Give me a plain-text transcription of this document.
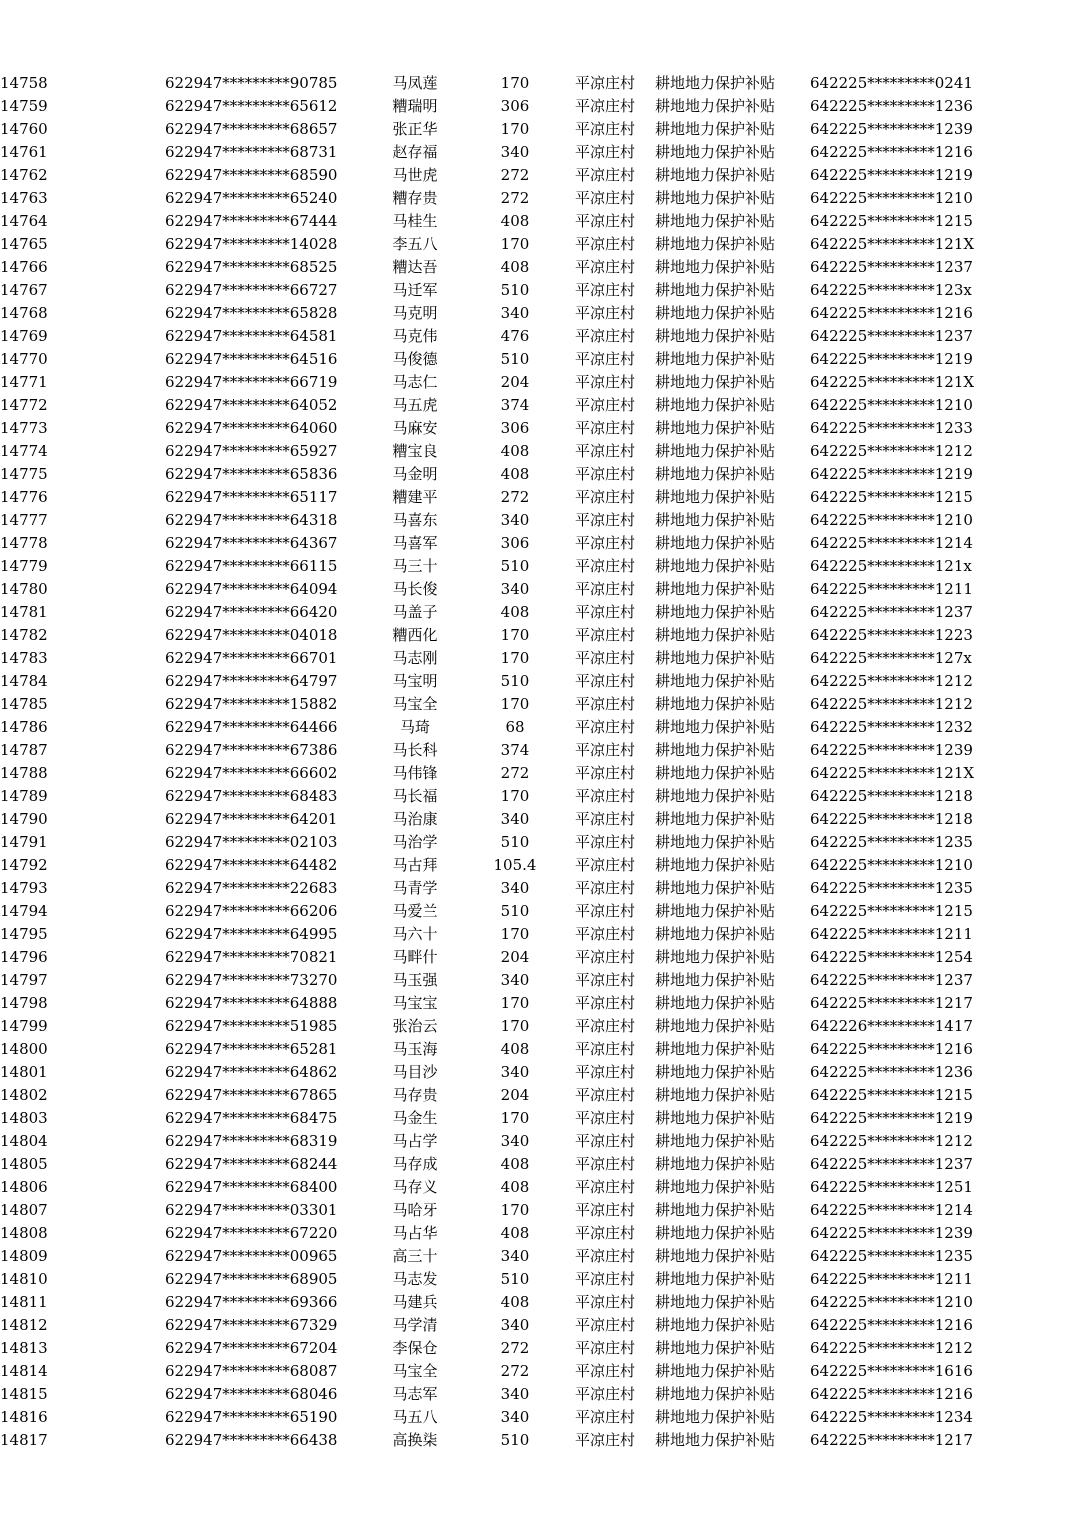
14758	622947*********90785	马凤莲	170	平凉庄村	耕地地力保护补贴	642225*********0241
14759	622947*********65612	糟瑞明	306	平凉庄村	耕地地力保护补贴	642225*********1236
14760	622947*********68657	张正华	170	平凉庄村	耕地地力保护补贴	642225*********1239
14761	622947*********68731	赵存福	340	平凉庄村	耕地地力保护补贴	642225*********1216
14762	622947*********68590	马世虎	272	平凉庄村	耕地地力保护补贴	642225*********1219
14763	622947*********65240	糟存贵	272	平凉庄村	耕地地力保护补贴	642225*********1210
14764	622947*********67444	马桂生	408	平凉庄村	耕地地力保护补贴	642225*********1215
14765	622947*********14028	李五八	170	平凉庄村	耕地地力保护补贴	642225*********121X
14766	622947*********68525	糟达吾	408	平凉庄村	耕地地力保护补贴	642225*********1237
14767	622947*********66727	马迁军	510	平凉庄村	耕地地力保护补贴	642225*********123x
14768	622947*********65828	马克明	340	平凉庄村	耕地地力保护补贴	642225*********1216
14769	622947*********64581	马克伟	476	平凉庄村	耕地地力保护补贴	642225*********1237
14770	622947*********64516	马俊德	510	平凉庄村	耕地地力保护补贴	642225*********1219
14771	622947*********66719	马志仁	204	平凉庄村	耕地地力保护补贴	642225*********121X
14772	622947*********64052	马五虎	374	平凉庄村	耕地地力保护补贴	642225*********1210
14773	622947*********64060	马麻安	306	平凉庄村	耕地地力保护补贴	642225*********1233
14774	622947*********65927	糟宝良	408	平凉庄村	耕地地力保护补贴	642225*********1212
14775	622947*********65836	马金明	408	平凉庄村	耕地地力保护补贴	642225*********1219
14776	622947*********65117	糟建平	272	平凉庄村	耕地地力保护补贴	642225*********1215
14777	622947*********64318	马喜东	340	平凉庄村	耕地地力保护补贴	642225*********1210
14778	622947*********64367	马喜军	306	平凉庄村	耕地地力保护补贴	642225*********1214
14779	622947*********66115	马三十	510	平凉庄村	耕地地力保护补贴	642225*********121x
14780	622947*********64094	马长俊	340	平凉庄村	耕地地力保护补贴	642225*********1211
14781	622947*********66420	马盖子	408	平凉庄村	耕地地力保护补贴	642225*********1237
14782	622947*********04018	糟西化	170	平凉庄村	耕地地力保护补贴	642225*********1223
14783	622947*********66701	马志刚	170	平凉庄村	耕地地力保护补贴	642225*********127x
14784	622947*********64797	马宝明	510	平凉庄村	耕地地力保护补贴	642225*********1212
14785	622947*********15882	马宝全	170	平凉庄村	耕地地力保护补贴	642225*********1212
14786	622947*********64466	马琦	68	平凉庄村	耕地地力保护补贴	642225*********1232
14787	622947*********67386	马长科	374	平凉庄村	耕地地力保护补贴	642225*********1239
14788	622947*********66602	马伟锋	272	平凉庄村	耕地地力保护补贴	642225*********121X
14789	622947*********68483	马长福	170	平凉庄村	耕地地力保护补贴	642225*********1218
14790	622947*********64201	马治康	340	平凉庄村	耕地地力保护补贴	642225*********1218
14791	622947*********02103	马治学	510	平凉庄村	耕地地力保护补贴	642225*********1235
14792	622947*********64482	马古拜	105.4	平凉庄村	耕地地力保护补贴	642225*********1210
14793	622947*********22683	马青学	340	平凉庄村	耕地地力保护补贴	642225*********1235
14794	622947*********66206	马爱兰	510	平凉庄村	耕地地力保护补贴	642225*********1215
14795	622947*********64995	马六十	170	平凉庄村	耕地地力保护补贴	642225*********1211
14796	622947*********70821	马畔什	204	平凉庄村	耕地地力保护补贴	642225*********1254
14797	622947*********73270	马玉强	340	平凉庄村	耕地地力保护补贴	642225*********1237
14798	622947*********64888	马宝宝	170	平凉庄村	耕地地力保护补贴	642225*********1217
14799	622947*********51985	张治云	170	平凉庄村	耕地地力保护补贴	642226*********1417
14800	622947*********65281	马玉海	408	平凉庄村	耕地地力保护补贴	642225*********1216
14801	622947*********64862	马目沙	340	平凉庄村	耕地地力保护补贴	642225*********1236
14802	622947*********67865	马存贵	204	平凉庄村	耕地地力保护补贴	642225*********1215
14803	622947*********68475	马金生	170	平凉庄村	耕地地力保护补贴	642225*********1219
14804	622947*********68319	马占学	340	平凉庄村	耕地地力保护补贴	642225*********1212
14805	622947*********68244	马存成	408	平凉庄村	耕地地力保护补贴	642225*********1237
14806	622947*********68400	马存义	408	平凉庄村	耕地地力保护补贴	642225*********1251
14807	622947*********03301	马哈牙	170	平凉庄村	耕地地力保护补贴	642225*********1214
14808	622947*********67220	马占华	408	平凉庄村	耕地地力保护补贴	642225*********1239
14809	622947*********00965	高三十	340	平凉庄村	耕地地力保护补贴	642225*********1235
14810	622947*********68905	马志发	510	平凉庄村	耕地地力保护补贴	642225*********1211
14811	622947*********69366	马建兵	408	平凉庄村	耕地地力保护补贴	642225*********1210
14812	622947*********67329	马学清	340	平凉庄村	耕地地力保护补贴	642225*********1216
14813	622947*********67204	李保仓	272	平凉庄村	耕地地力保护补贴	642225*********1212
14814	622947*********68087	马宝全	272	平凉庄村	耕地地力保护补贴	642225*********1616
14815	622947*********68046	马志军	340	平凉庄村	耕地地力保护补贴	642225*********1216
14816	622947*********65190	马五八	340	平凉庄村	耕地地力保护补贴	642225*********1234
14817	622947*********66438	高换柒	510	平凉庄村	耕地地力保护补贴	642225*********1217
